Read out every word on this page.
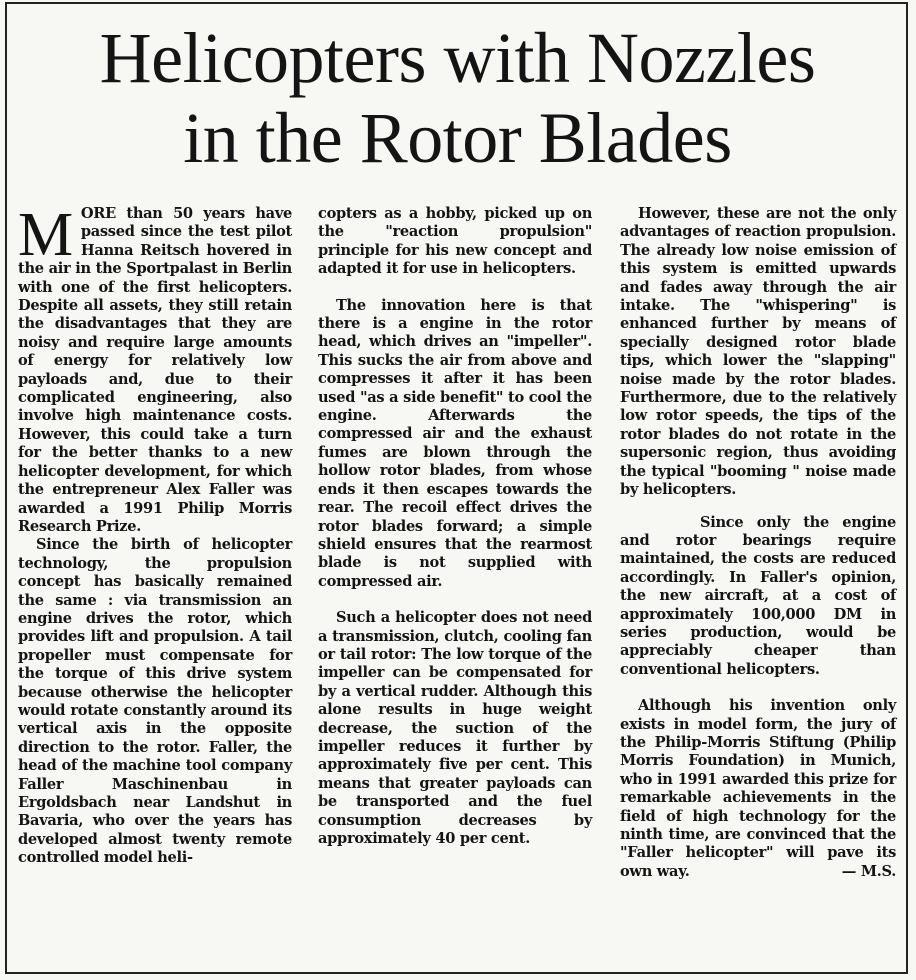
Helicopters with Nozzles
in the Rotor Blades

MORE than 50 years have passed since the test pilot Hanna Reitsch hovered in the air in the Sportpalast in Berlin with one of the first helicopters. Despite all assets, they still retain the disadvantages that they are noisy and require large amounts of energy for relatively low payloads and, due to their complicated engineering, also involve high maintenance costs. However, this could take a turn for the better thanks to a new helicopter development, for which the entrepreneur Alex Faller was awarded a 1991 Philip Morris Research Prize.

Since the birth of helicopter technology, the propulsion concept has basically remained the same : via transmission an engine drives the rotor, which provides lift and propulsion. A tail propeller must compensate for the torque of this drive system because otherwise the helicopter would rotate constantly around its vertical axis in the opposite direction to the rotor. Faller, the head of the machine tool company Faller Maschinenbau in Ergoldsbach near Landshut in Bavaria, who over the years has developed almost twenty remote controlled model heli-

copters as a hobby, picked up on the "reaction propulsion" principle for his new concept and adapted it for use in helicopters.

The innovation here is that there is a engine in the rotor head, which drives an "impeller". This sucks the air from above and compresses it after it has been used "as a side benefit" to cool the engine. Afterwards the compressed air and the exhaust fumes are blown through the hollow rotor blades, from whose ends it then escapes towards the rear. The recoil effect drives the rotor blades forward; a simple shield ensures that the rearmost blade is not supplied with compressed air.

Such a helicopter does not need a transmission, clutch, cooling fan or tail rotor: The low torque of the impeller can be compensated for by a vertical rudder. Although this alone results in huge weight decrease, the suction of the impeller reduces it further by approximately five per cent. This means that greater payloads can be transported and the fuel consumption decreases by approximately 40 per cent.

However, these are not the only advantages of reaction propulsion. The already low noise emission of this system is emitted upwards and fades away through the air intake. The "whispering" is enhanced further by means of specially designed rotor blade tips, which lower the "slapping" noise made by the rotor blades. Furthermore, due to the relatively low rotor speeds, the tips of the rotor blades do not rotate in the supersonic region, thus avoiding the typical "booming " noise made by helicopters.

Since only the engine and rotor bearings require maintained, the costs are reduced accordingly. In Faller's opinion, the new aircraft, at a cost of approximately 100,000 DM in series production, would be appreciably cheaper than conventional helicopters.

Although his invention only exists in model form, the jury of the Philip-Morris Stiftung (Philip Morris Foundation) in Munich, who in 1991 awarded this prize for remarkable achievements in the field of high technology for the ninth time, are convinced that the "Faller helicopter" will pave its own way.	— M.S.
